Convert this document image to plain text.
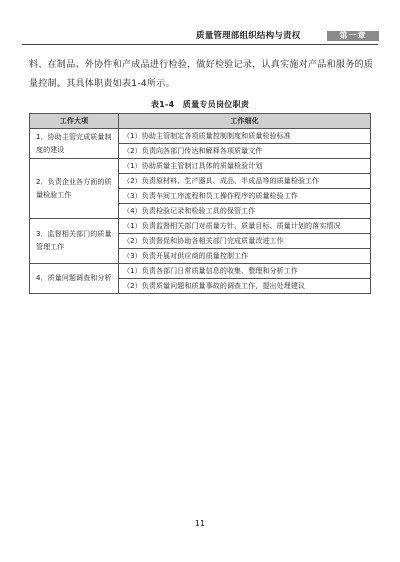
质量管理部组织结构与责权	第一章
料、在制品、外协件和产成品进行检验，做好检验记录，认真实施对产品和服务的质量控制。其具体职责如表1-4所示。
表1-4　质量专员岗位职责
工作大项	工作细化
1．协助主管完成质量制度的建设	（1）协助主管制定各项质量控制制度和质量检验标准
	（2）负责向各部门传达和解释各项质量文件
2．负责企业各方面的质量检验工作	（1）协助质量主管制订具体的质量检验计划
	（2）负责原材料、生产器具、成品、半成品等的质量检验工作
	（3）负责车间工序流程和员工操作程序的质量检验工作
	（4）负责检验记录和检验工具的保管工作
3．监督相关部门的质量管理工作	（1）负责监督相关部门对质量方针、质量目标、质量计划的落实情况
	（2）负责督促和协助各相关部门完成质量改进工作
	（3）负责开展对供应商的质量控制工作
4．质量问题调查和分析	（1）负责各部门日常质量信息的收集、整理和分析工作
	（2）负责质量问题和质量事故的调查工作，提出处理建议
11
